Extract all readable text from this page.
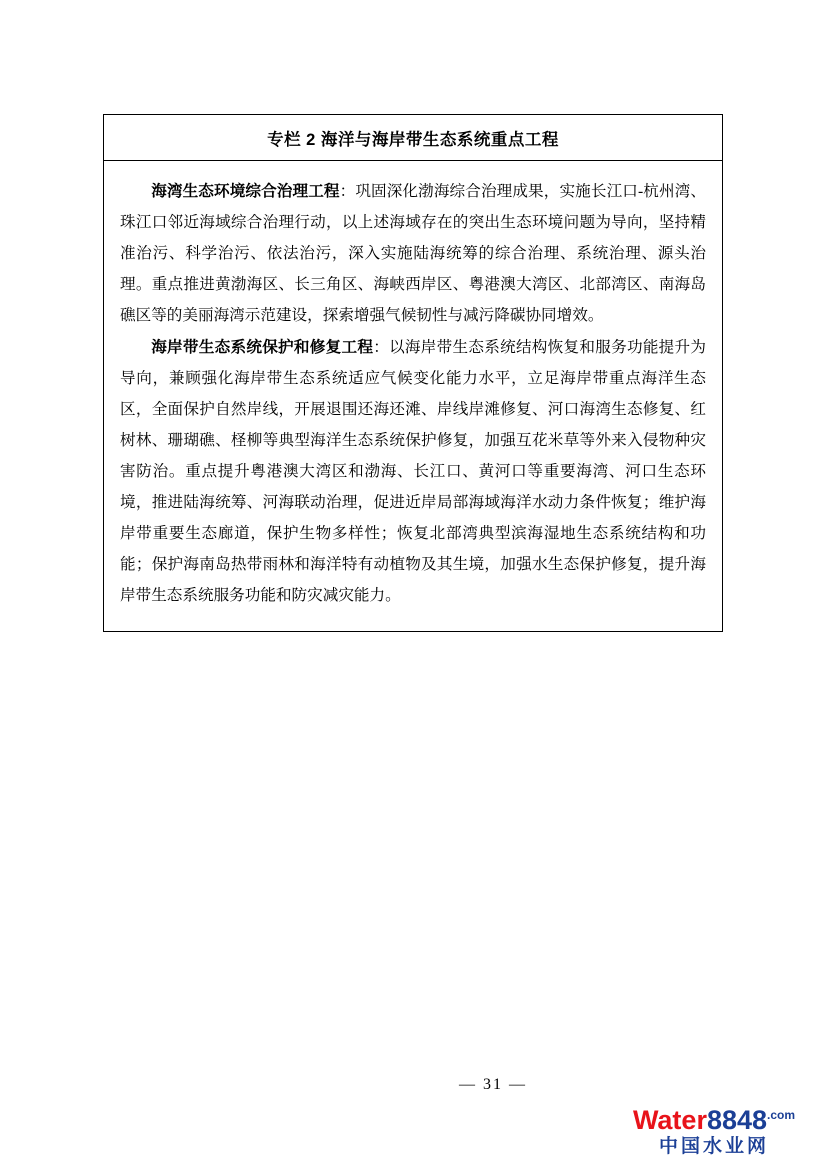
专栏 2 海洋与海岸带生态系统重点工程

海湾生态环境综合治理工程：巩固深化渤海综合治理成果，实施长江口-杭州湾、珠江口邻近海域综合治理行动，以上述海域存在的突出生态环境问题为导向，坚持精准治污、科学治污、依法治污，深入实施陆海统筹的综合治理、系统治理、源头治理。重点推进黄渤海区、长三角区、海峡西岸区、粤港澳大湾区、北部湾区、南海岛礁区等的美丽海湾示范建设，探索增强气候韧性与减污降碳协同增效。

海岸带生态系统保护和修复工程：以海岸带生态系统结构恢复和服务功能提升为导向，兼顾强化海岸带生态系统适应气候变化能力水平，立足海岸带重点海洋生态区，全面保护自然岸线，开展退围还海还滩、岸线岸滩修复、河口海湾生态修复、红树林、珊瑚礁、柽柳等典型海洋生态系统保护修复，加强互花米草等外来入侵物种灾害防治。重点提升粤港澳大湾区和渤海、长江口、黄河口等重要海湾、河口生态环境，推进陆海统筹、河海联动治理，促进近岸局部海域海洋水动力条件恢复；维护海岸带重要生态廊道，保护生物多样性；恢复北部湾典型滨海湿地生态系统结构和功能；保护海南岛热带雨林和海洋特有动植物及其生境，加强水生态保护修复，提升海岸带生态系统服务功能和防灾减灾能力。

— 31 —
$Water8848^{.com}$
中国水业网
